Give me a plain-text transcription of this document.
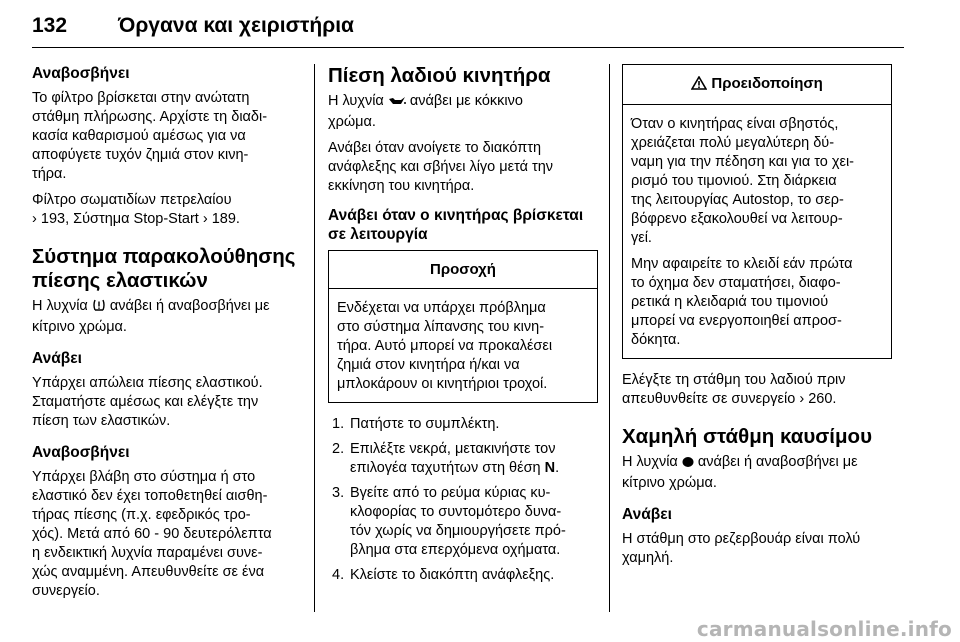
132 Όργανα και χειριστήρια
Αναβοσβήνει

Το φίλτρο βρίσκεται στην ανώτατη
στάθμη πλήρωσης. Αρχίστε τη διαδι-
κασία καθαρισμού αμέσως για να
αποφύγετε τυχόν ζημιά στον κινη-
τήρα.

Φίλτρο σωματιδίων πετρελαίου
› 193, Σύστημα Stop-Start › 189.

Σύστημα παρακολούθησης
πίεσης ελαστικών

Η λυχνία ανάβει ή αναβοσβήνει με
κίτρινο χρώμα.

Ανάβει

Υπάρχει απώλεια πίεσης ελαστικού.
Σταματήστε αμέσως και ελέγξτε την
πίεση των ελαστικών.

Αναβοσβήνει

Υπάρχει βλάβη στο σύστημα ή στο
ελαστικό δεν έχει τοποθετηθεί αισθη-
τήρας πίεσης (π.χ. εφεδρικός τρο-
χός). Μετά από 60 - 90 δευτερόλεπτα
η ενδεικτική λυχνία παραμένει συνε-
χώς αναμμένη. Απευθυνθείτε σε ένα
συνεργείο.

Πίεση λαδιού κινητήρα

Η λυχνία ανάβει με κόκκινο
χρώμα.

Ανάβει όταν ανοίγετε το διακόπτη
ανάφλεξης και σβήνει λίγο μετά την
εκκίνηση του κινητήρα.

Ανάβει όταν ο κινητήρας βρίσκεται
σε λειτουργία
Προσοχή
Ενδέχεται να υπάρχει πρόβλημα
στο σύστημα λίπανσης του κινη-
τήρα. Αυτό μπορεί να προκαλέσει
ζημιά στον κινητήρα ή/και να
μπλοκάρουν οι κινητήριοι τροχοί.
1. Πατήστε το συμπλέκτη.
2. Επιλέξτε νεκρά, μετακινήστε τον
επιλογέα ταχυτήτων στη θέση N.
3. Βγείτε από το ρεύμα κύριας κυ-
κλοφορίας το συντομότερο δυνα-
τόν χωρίς να δημιουργήσετε πρό-
βλημα στα επερχόμενα οχήματα.
4. Κλείστε το διακόπτη ανάφλεξης.
Προειδοποίηση

Όταν ο κινητήρας είναι σβηστός,
χρειάζεται πολύ μεγαλύτερη δύ-
ναμη για την πέδηση και για το χει-
ρισμό του τιμονιού. Στη διάρκεια
της λειτουργίας Autostop, το σερ-
βόφρενο εξακολουθεί να λειτουρ-
γεί.

Μην αφαιρείτε το κλειδί εάν πρώτα
το όχημα δεν σταματήσει, διαφο-
ρετικά η κλειδαριά του τιμονιού
μπορεί να ενεργοποιηθεί απροσ-
δόκητα.

Ελέγξτε τη στάθμη του λαδιού πριν
απευθυνθείτε σε συνεργείο › 260.

Χαμηλή στάθμη καυσίμου

Η λυχνία ανάβει ή αναβοσβήνει με
κίτρινο χρώμα.

Ανάβει

Η στάθμη στο ρεζερβουάρ είναι πολύ
χαμηλή.

carmanualsonline.info
